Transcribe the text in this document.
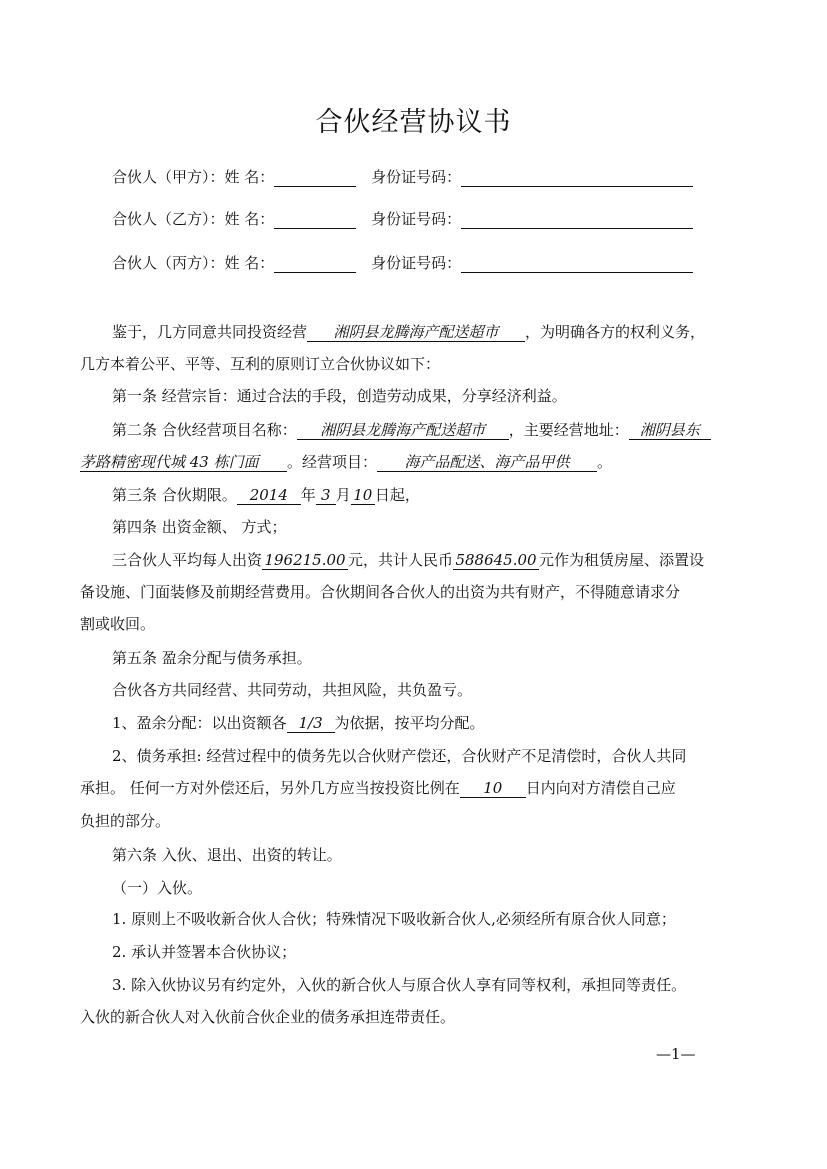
合伙经营协议书
合伙人（甲方）：姓 名：	身份证号码：
合伙人（乙方）：姓 名：	身份证号码：
合伙人（丙方）：姓 名：	身份证号码：
鉴于，几方同意共同投资经营 湘阴县龙腾海产配送超市 ，为明确各方的权利义务，
几方本着公平、平等、互利的原则订立合伙协议如下：
第一条 经营宗旨：通过合法的手段，创造劳动成果，分享经济利益。
第二条 合伙经营项目名称： 湘阴县龙腾海产配送超市 ，主要经营地址： 湘阴县东
茅路精密现代城 43 栋门面 。经营项目： 海产品配送、海产品甲供 。
第三条 合伙期限。 2014 年 3 月 10 日起，
第四条 出资金额、 方式；
三合伙人平均每人出资 196215.00 元，共计人民币 588645.00 元作为租赁房屋、添置设
备设施、门面装修及前期经营费用。合伙期间各合伙人的出资为共有财产，不得随意请求分
割或收回。
第五条 盈余分配与债务承担。
合伙各方共同经营、共同劳动，共担风险，共负盈亏。
1、盈余分配：以出资额各 1/3 为依据，按平均分配。
2、债务承担: 经营过程中的债务先以合伙财产偿还，合伙财产不足清偿时，合伙人共同
承担。 任何一方对外偿还后，另外几方应当按投资比例在 10 日内向对方清偿自己应
负担的部分。
第六条 入伙、退出、出资的转让。
（一）入伙。
1. 原则上不吸收新合伙人合伙；特殊情况下吸收新合伙人,必须经所有原合伙人同意；
2. 承认并签署本合伙协议；
3. 除入伙协议另有约定外，入伙的新合伙人与原合伙人享有同等权利，承担同等责任。
入伙的新合伙人对入伙前合伙企业的债务承担连带责任。
—1—
